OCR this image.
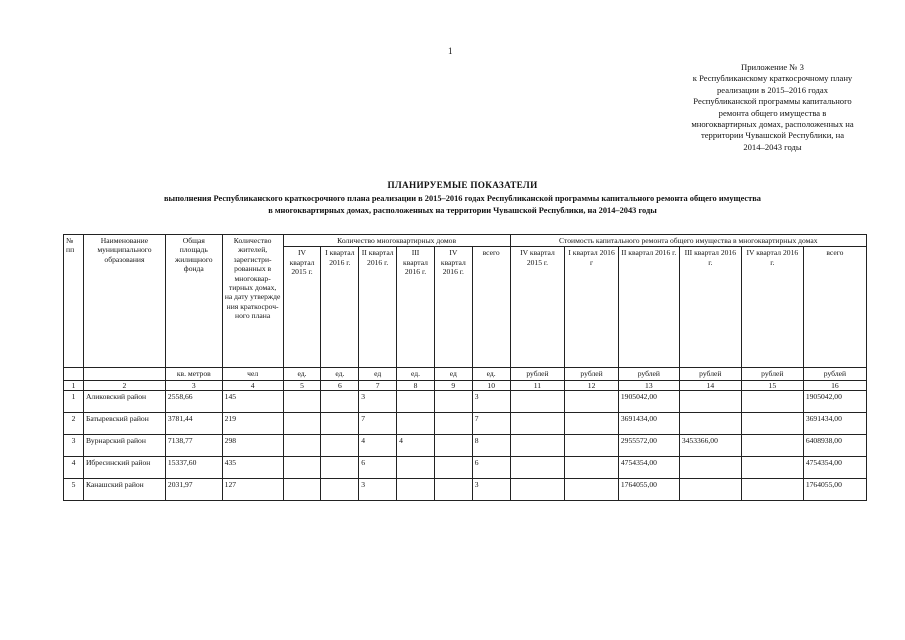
1
Приложение № 3
к Республиканскому краткосрочному плану
реализации в 2015–2016 годах
Республиканской программы капитального
ремонта общего имущества в
многоквартирных домах, расположенных на
территории Чувашской Республики, на
2014–2043 годы
ПЛАНИРУЕМЫЕ ПОКАЗАТЕЛИ
выполнения Республиканского краткосрочного плана реализации в 2015–2016 годах Республиканской программы капитального ремонта общего имущества
в многоквартирных домах, расположенных на территории Чувашской Республики, на 2014–2043 годы
№ пп	Наименование муниципального образования	Общая площадь жилищного фонда	Количество жителей, зарегистри- рованных в многоквар- тирных домах, на дату утвержде ния краткосроч- ного плана	Количество многоквартирных домов						Стоимость капитального ремонта общего имущества в многоквартирных домах					
				IV квартал 2015 г.	I квартал 2016 г.	II квартал 2016 г.	III квартал 2016 г.	IV квартал 2016 г.	всего	IV квартал 2015 г.	I квартал 2016 г	II квартал 2016 г.	III квартал 2016 г.	IV квартал 2016 г.	всего

		кв. метров	чел	ед.	ед.	ед	ед.	ед	ед.	рублей	рублей	рублей	рублей	рублей	рублей
1	2	3	4	5	6	7	8	9	10	11	12	13	14	15	16
1	Аликовский район	2558,66	145			3			3			1905042,00			1905042,00
2	Батыревский район	3781,44	219			7			7			3691434,00			3691434,00
3	Вурнарский район	7138,77	298			4	4		8			2955572,00	3453366,00		6408938,00
4	Ибресинский район	15337,60	435			6			6			4754354,00			4754354,00
5	Канашский район	2031,97	127			3			3			1764055,00			1764055,00
